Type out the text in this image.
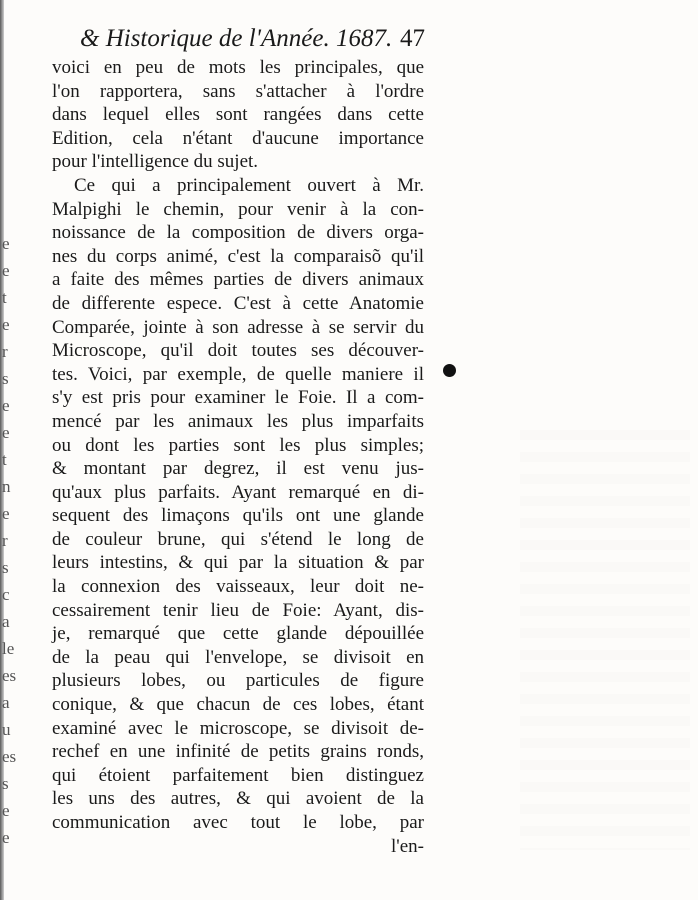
e
e
t
e
r
s
e
e
t
n
e
r
s
c
a
le
es
a
u
es
s
e
e
& Historique de l'Année. 1687. 47
voici en peu de mots les principales, que
l'on rapportera, sans s'attacher à l'ordre
dans lequel elles sont rangées dans cette
Edition, cela n'étant d'aucune importance
pour l'intelligence du sujet.
Ce qui a principalement ouvert à Mr.
Malpighi le chemin, pour venir à la con-
noissance de la composition de divers orga-
nes du corps animé, c'est la comparaisõ qu'il
a faite des mêmes parties de divers animaux
de differente espece. C'est à cette Anatomie
Comparée, jointe à son adresse à se servir du
Microscope, qu'il doit toutes ses découver-
tes. Voici, par exemple, de quelle maniere il
s'y est pris pour examiner le Foie. Il a com-
mencé par les animaux les plus imparfaits
ou dont les parties sont les plus simples;
& montant par degrez, il est venu jus-
qu'aux plus parfaits. Ayant remarqué en di-
sequent des limaçons qu'ils ont une glande
de couleur brune, qui s'étend le long de
leurs intestins, & qui par la situation & par
la connexion des vaisseaux, leur doit ne-
cessairement tenir lieu de Foie: Ayant, dis-
je, remarqué que cette glande dépouillée
de la peau qui l'envelope, se divisoit en
plusieurs lobes, ou particules de figure
conique, & que chacun de ces lobes, étant
examiné avec le microscope, se divisoit de-
rechef en une infinité de petits grains ronds,
qui étoient parfaitement bien distinguez
les uns des autres, & qui avoient de la
communication avec tout le lobe, par
l'en-
